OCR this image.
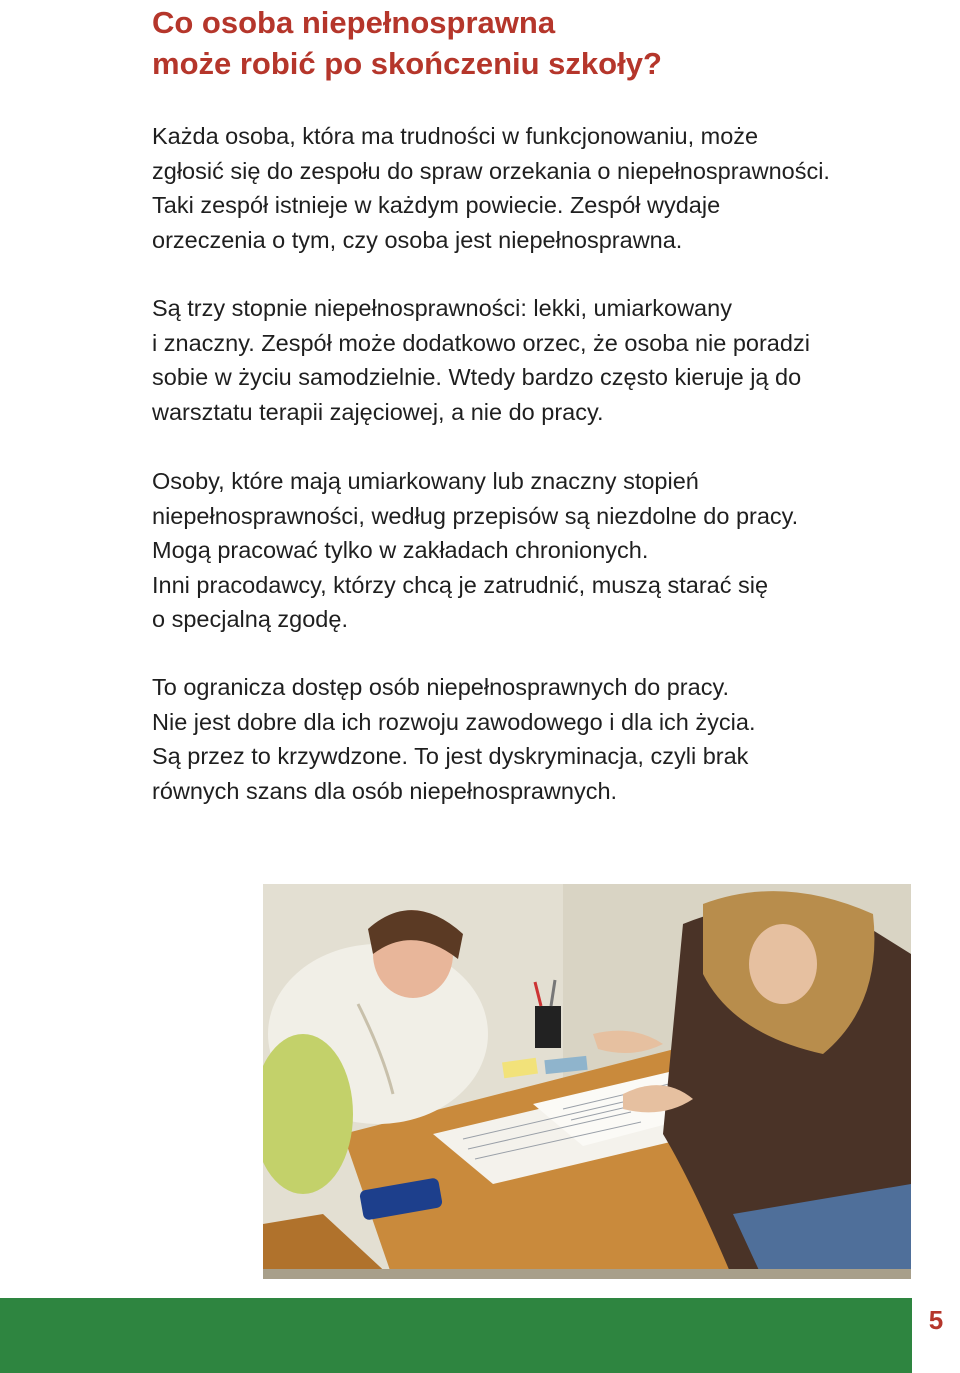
Co osoba niepełnosprawna
może robić po skończeniu szkoły?
Każda osoba, która ma trudności w funkcjonowaniu, może
zgłosić się do zespołu do spraw orzekania o niepełnosprawności.
Taki zespół istnieje w każdym powiecie. Zespół wydaje
orzeczenia o tym, czy osoba jest niepełnosprawna.
Są trzy stopnie niepełnosprawności: lekki, umiarkowany
i znaczny. Zespół może dodatkowo orzec, że osoba nie poradzi
sobie w życiu samodzielnie. Wtedy bardzo często kieruje ją do
warsztatu terapii zajęciowej, a nie do pracy.
Osoby, które mają umiarkowany lub znaczny stopień
niepełnosprawności, według przepisów są niezdolne do pracy.
Mogą pracować tylko w zakładach chronionych.
Inni pracodawcy, którzy chcą je zatrudnić, muszą starać się
o specjalną zgodę.
To ogranicza dostęp osób niepełnosprawnych do pracy.
Nie jest dobre dla ich rozwoju zawodowego i dla ich życia.
Są przez to krzywdzone. To jest dyskryminacja, czyli brak
równych szans dla osób niepełnosprawnych.
5
